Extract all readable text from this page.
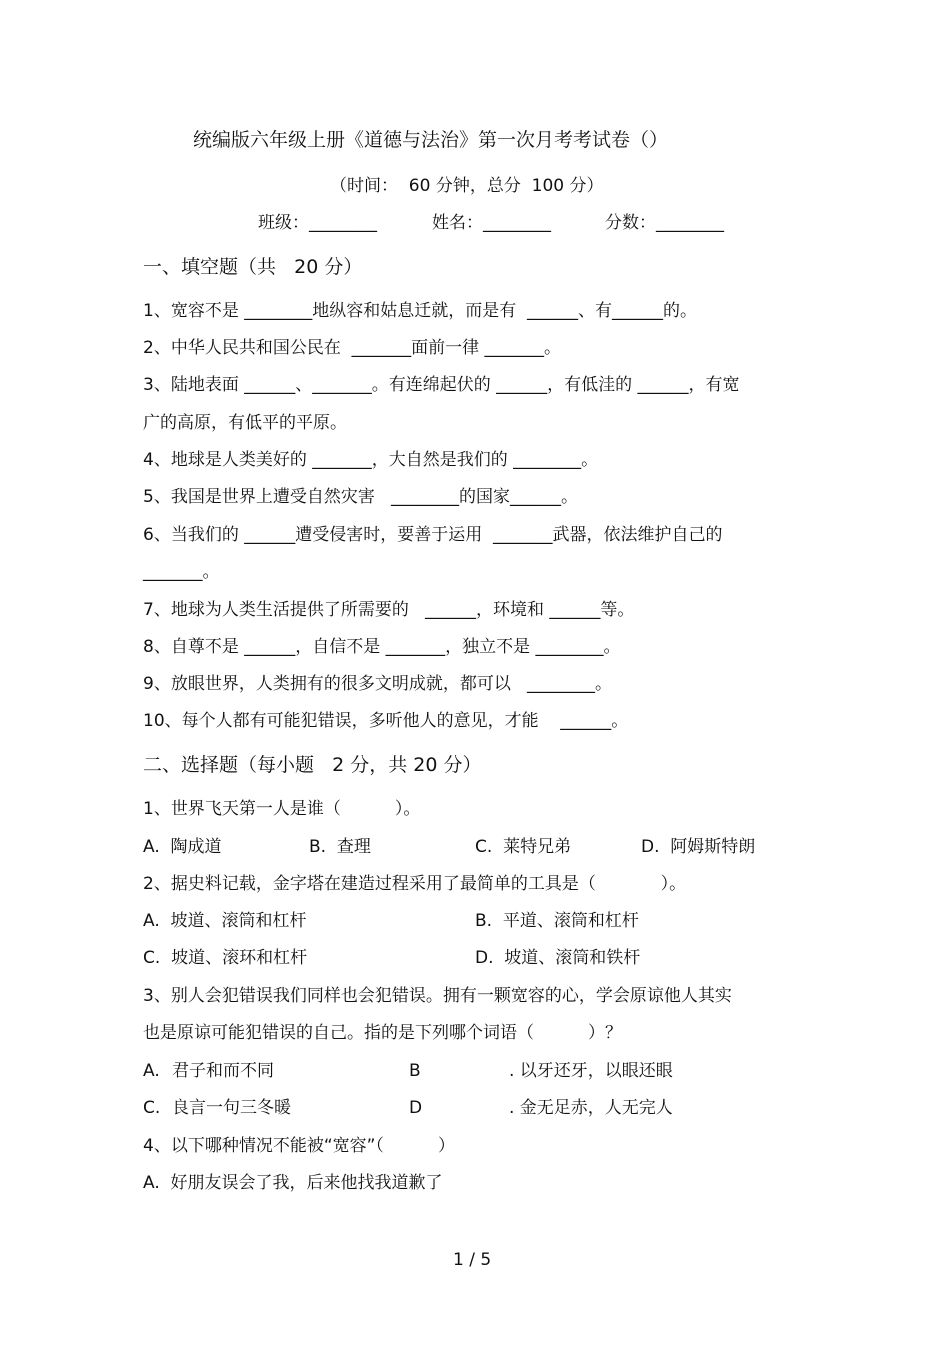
统编版六年级上册《道德与法治》第一次月考考试卷（）
（时间：  60 分钟，总分  100 分）
班级：________	姓名：________	分数：________
一、填空题（共   20 分）
1、宽容不是 ________地纵容和姑息迁就，而是有  ______、有______的。
2、中华人民共和国公民在  _______面前一律 _______。
3、陆地表面 ______、_______。有连绵起伏的 ______，有低洼的 ______，有宽
广的高原，有低平的平原。
4、地球是人类美好的 _______，大自然是我们的 ________。
5、我国是世界上遭受自然灾害   ________的国家______。
6、当我们的 ______遭受侵害时，要善于运用  _______武器，依法维护自己的
_______。
7、地球为人类生活提供了所需要的   ______，环境和 ______等。
8、自尊不是 ______，自信不是 _______，独立不是 ________。
9、放眼世界，人类拥有的很多文明成就，都可以   ________。
10、每个人都有可能犯错误，多听他人的意见，才能    ______。
二、选择题（每小题   2 分，共 20 分）
1、世界飞天第一人是谁（          ）。
A.  陶成道	B.  查理	C.  莱特兄弟	D.  阿姆斯特朗
2、据史料记载，金字塔在建造过程采用了最简单的工具是（            ）。
A.  坡道、滚筒和杠杆	B.  平道、滚筒和杠杆
C.  坡道、滚环和杠杆	D.  坡道、滚筒和铁杆
3、别人会犯错误我们同样也会犯错误。拥有一颗宽容的心，学会原谅他人其实
也是原谅可能犯错误的自己。指的是下列哪个词语（          ）？
A. 君子和而不同	B	. 以牙还牙，以眼还眼
C. 良言一句三冬暖	D	. 金无足赤，人无完人
4、以下哪种情况不能被“宽容”（          ）
A.  好朋友误会了我，后来他找我道歉了
1 / 5
